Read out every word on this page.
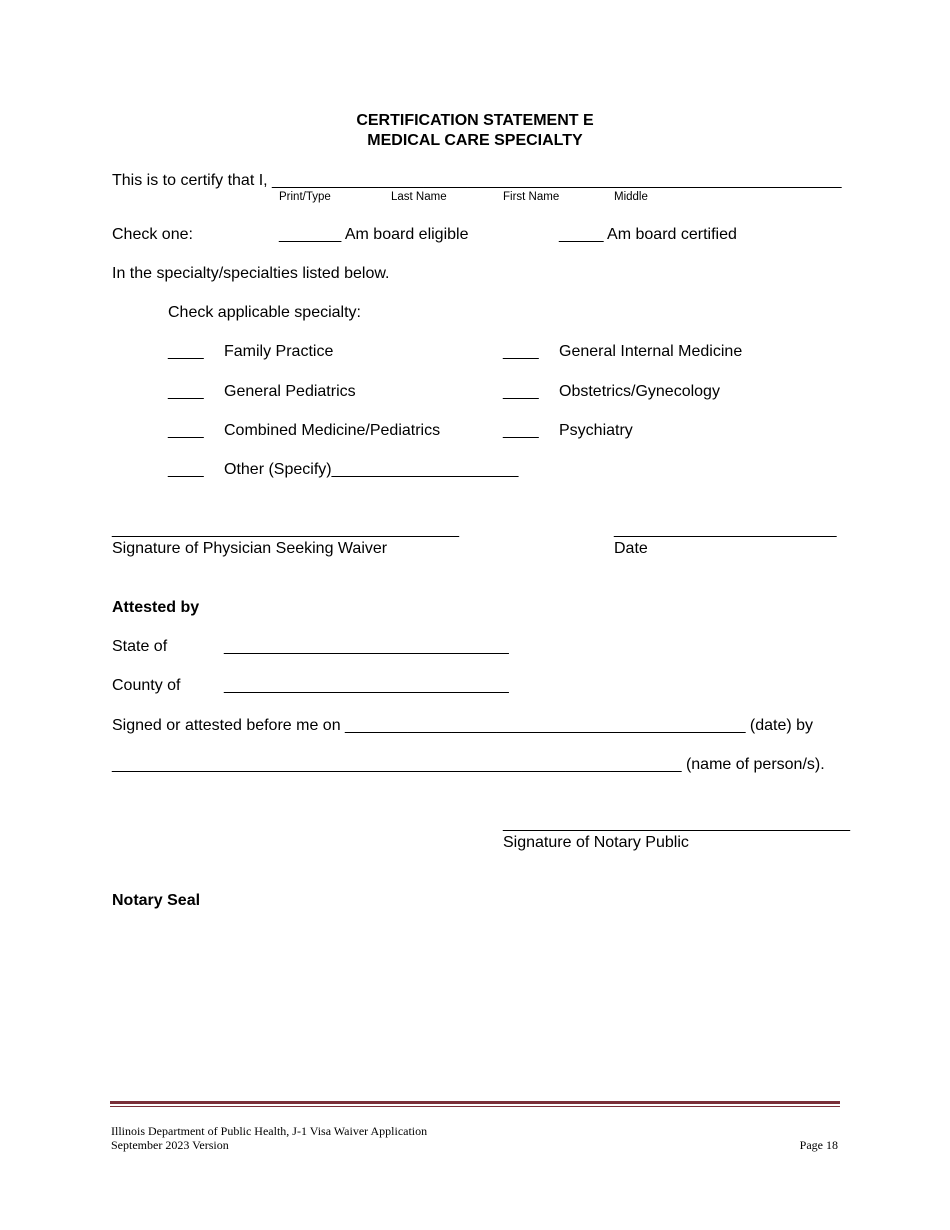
CERTIFICATION STATEMENT E
MEDICAL CARE SPECIALTY
This is to certify that I, ________________________________________________________________
Print/Type	Last Name	First Name	Middle
Check one:	_______ Am board eligible	_____ Am board certified
In the specialty/specialties listed below.
Check applicable specialty:
____ Family Practice	____ General Internal Medicine
____ General Pediatrics	____ Obstetrics/Gynecology
____ Combined Medicine/Pediatrics	____ Psychiatry
____ Other (Specify)_____________________
_______________________________________	_________________________
Signature of Physician Seeking Waiver	Date
Attested by
State of	________________________________
County of	________________________________
Signed or attested before me on _____________________________________________ (date) by
________________________________________________________________ (name of person/s).
_______________________________________
Signature of Notary Public
Notary Seal
Illinois Department of Public Health, J-1 Visa Waiver Application
September 2023 Version	Page 18
